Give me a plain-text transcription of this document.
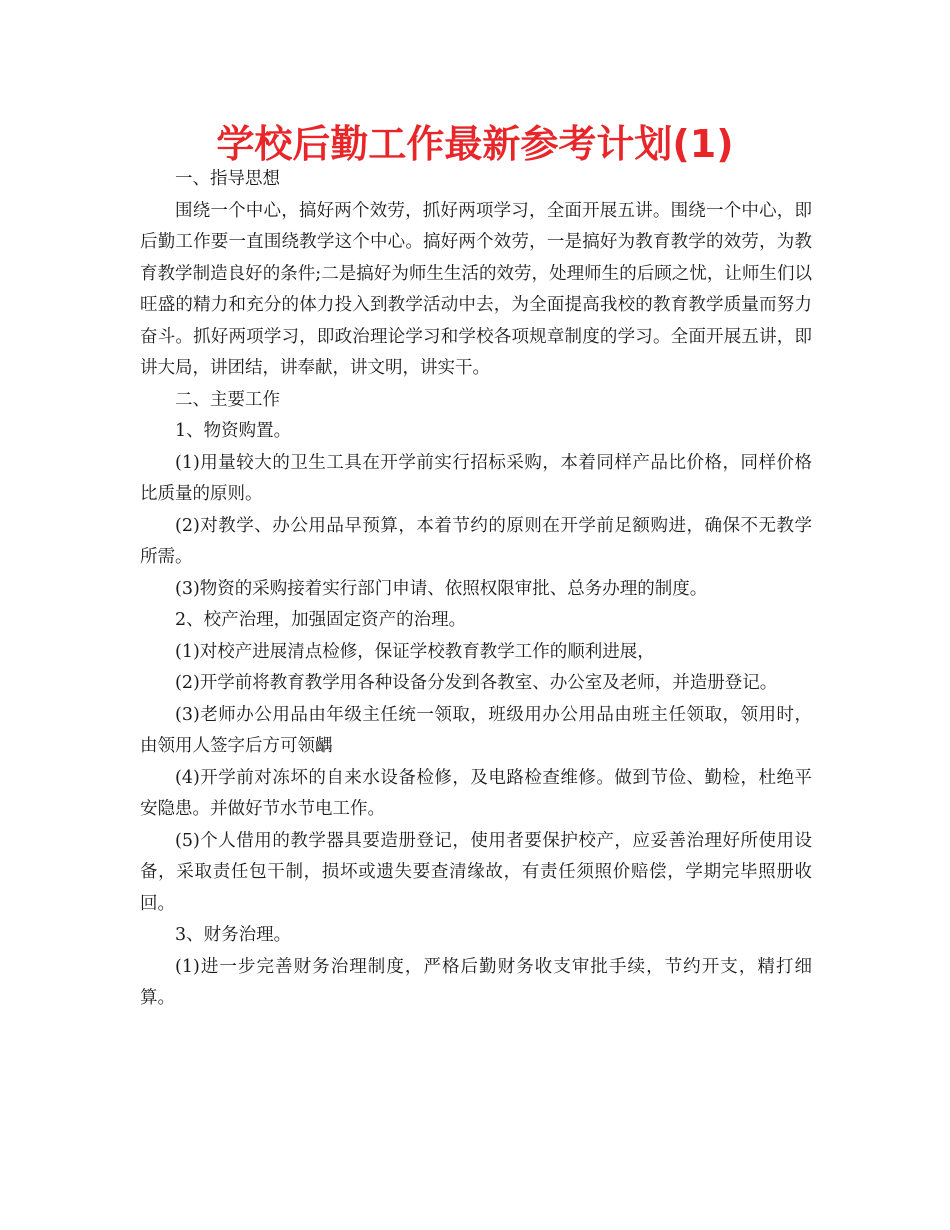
学校后勤工作最新参考计划(1)

一、指导思想

围绕一个中心，搞好两个效劳，抓好两项学习，全面开展五讲。围绕一个中心，即后勤工作要一直围绕教学这个中心。搞好两个效劳，一是搞好为教育教学的效劳，为教育教学制造良好的条件;二是搞好为师生生活的效劳，处理师生的后顾之忧，让师生们以旺盛的精力和充分的体力投入到教学活动中去，为全面提高我校的教育教学质量而努力奋斗。抓好两项学习，即政治理论学习和学校各项规章制度的学习。全面开展五讲，即讲大局，讲团结，讲奉献，讲文明，讲实干。

二、主要工作

1、物资购置。

(1)用量较大的卫生工具在开学前实行招标采购，本着同样产品比价格，同样价格比质量的原则。

(2)对教学、办公用品早预算，本着节约的原则在开学前足额购进，确保不无教学所需。

(3)物资的采购接着实行部门申请、依照权限审批、总务办理的制度。

2、校产治理，加强固定资产的治理。

(1)对校产进展清点检修，保证学校教育教学工作的顺利进展，

(2)开学前将教育教学用各种设备分发到各教室、办公室及老师，并造册登记。

(3)老师办公用品由年级主任统一领取，班级用办公用品由班主任领取，领用时，由领用人签字后方可领齵

(4)开学前对冻坏的自来水设备检修，及电路检查维修。做到节俭、勤检，杜绝平安隐患。并做好节水节电工作。

(5)个人借用的教学器具要造册登记，使用者要保护校产，应妥善治理好所使用设备，采取责任包干制，损坏或遗失要查清缘故，有责任须照价赔偿，学期完毕照册收回。

3、财务治理。

(1)进一步完善财务治理制度，严格后勤财务收支审批手续，节约开支，精打细算。
